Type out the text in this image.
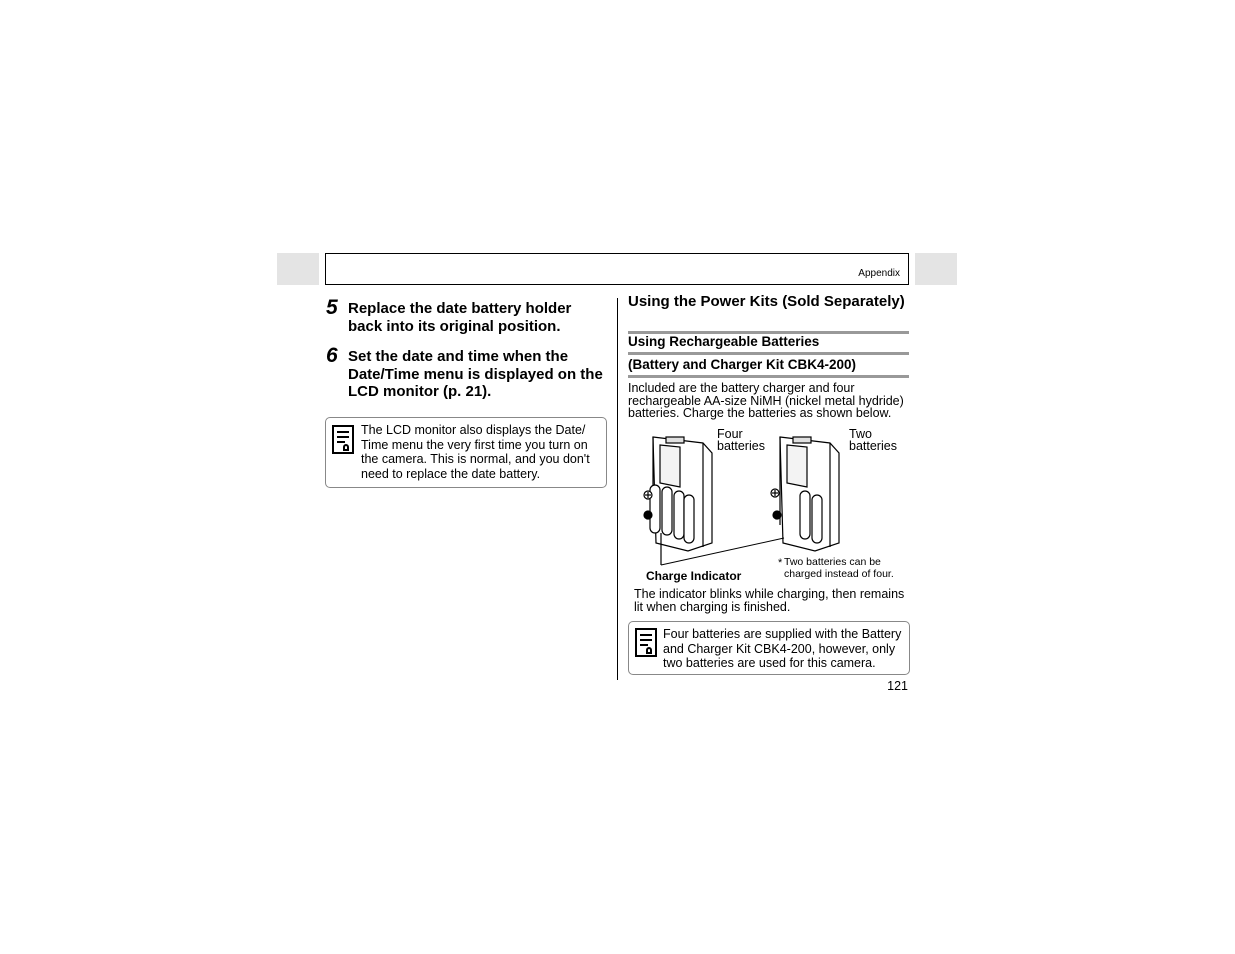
Appendix
5 Replace the date battery holder back into its original position.
6 Set the date and time when the Date/Time menu is displayed on the LCD monitor (p. 21).
The LCD monitor also displays the Date/ Time menu the very first time you turn on the camera. This is normal, and you don't need to replace the date battery.
Using the Power Kits (Sold Separately)
Using Rechargeable Batteries
(Battery and Charger Kit CBK4-200)
Included are the battery charger and four rechargeable AA-size NiMH (nickel metal hydride) batteries. Charge the batteries as shown below.
Four
batteries
Two
batteries
Charge Indicator
* Two batteries can be
charged instead of four.
The indicator blinks while charging, then remains lit when charging is finished.
Four batteries are supplied with the Battery and Charger Kit CBK4-200, however, only two batteries are used for this camera.
121
